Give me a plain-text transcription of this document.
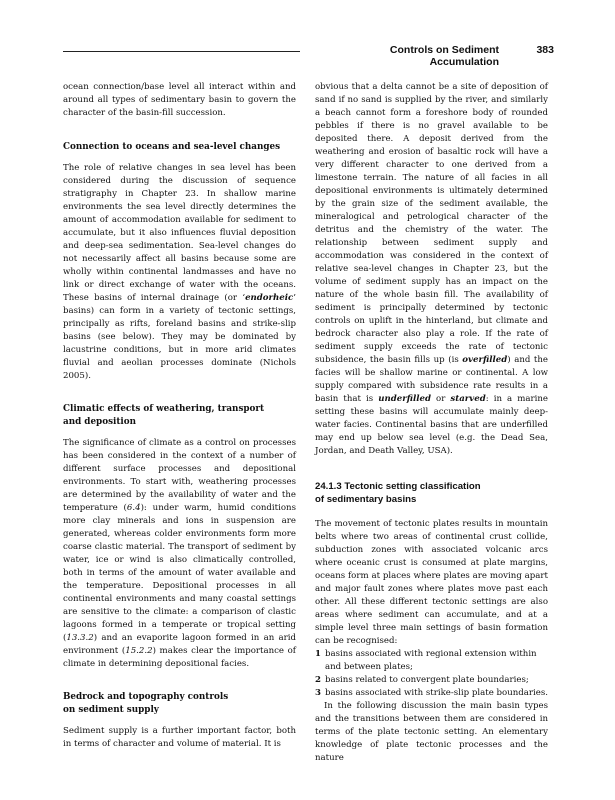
Controls on Sediment Accumulation
383

ocean connection/base level all interact within and around all types of sedimentary basin to govern the character of the basin-fill succession.

Connection to oceans and sea-level changes

The role of relative changes in sea level has been considered during the discussion of sequence stratigraphy in Chapter 23. In shallow marine environments the sea level directly determines the amount of accommodation available for sediment to accumulate, but it also influences fluvial deposition and deep-sea sedimentation. Sea-level changes do not necessarily affect all basins because some are wholly within continental landmasses and have no link or direct exchange of water with the oceans. These basins of internal drainage (or ‘endorheic’ basins) can form in a variety of tectonic settings, principally as rifts, foreland basins and strike-slip basins (see below). They may be dominated by lacustrine conditions, but in more arid climates fluvial and aeolian processes dominate (Nichols 2005).

Climatic effects of weathering, transport
and deposition

The significance of climate as a control on processes has been considered in the context of a number of different surface processes and depositional environments. To start with, weathering processes are determined by the availability of water and the temperature (6.4): under warm, humid conditions more clay minerals and ions in suspension are generated, whereas colder environments form more coarse clastic material. The transport of sediment by water, ice or wind is also climatically controlled, both in terms of the amount of water available and the temperature. Depositional processes in all continental environments and many coastal settings are sensitive to the climate: a comparison of clastic lagoons formed in a temperate or tropical setting (13.3.2) and an evaporite lagoon formed in an arid environment (15.2.2) makes clear the importance of climate in determining depositional facies.

Bedrock and topography controls
on sediment supply

Sediment supply is a further important factor, both in terms of character and volume of material. It is

obvious that a delta cannot be a site of deposition of sand if no sand is supplied by the river, and similarly a beach cannot form a foreshore body of rounded pebbles if there is no gravel available to be deposited there. A deposit derived from the weathering and erosion of basaltic rock will have a very different character to one derived from a limestone terrain. The nature of all facies in all depositional environments is ultimately determined by the grain size of the sediment available, the mineralogical and petrological character of the detritus and the chemistry of the water. The relationship between sediment supply and accommodation was considered in the context of relative sea-level changes in Chapter 23, but the volume of sediment supply has an impact on the nature of the whole basin fill. The availability of sediment is principally determined by tectonic controls on uplift in the hinterland, but climate and bedrock character also play a role. If the rate of sediment supply exceeds the rate of tectonic subsidence, the basin fills up (is overfilled) and the facies will be shallow marine or continental. A low supply compared with subsidence rate results in a basin that is underfilled or starved: in a marine setting these basins will accumulate mainly deep-water facies. Continental basins that are underfilled may end up below sea level (e.g. the Dead Sea, Jordan, and Death Valley, USA).

24.1.3 Tectonic setting classification
of sedimentary basins

The movement of tectonic plates results in mountain belts where two areas of continental crust collide, subduction zones with associated volcanic arcs where oceanic crust is consumed at plate margins, oceans form at places where plates are moving apart and major fault zones where plates move past each other. All these different tectonic settings are also areas where sediment can accumulate, and at a simple level three main settings of basin formation can be recognised:

1 basins associated with regional extension within and between plates;
2 basins related to convergent plate boundaries;
3 basins associated with strike-slip plate boundaries.

In the following discussion the main basin types and the transitions between them are considered in terms of the plate tectonic setting. An elementary knowledge of plate tectonic processes and the nature
